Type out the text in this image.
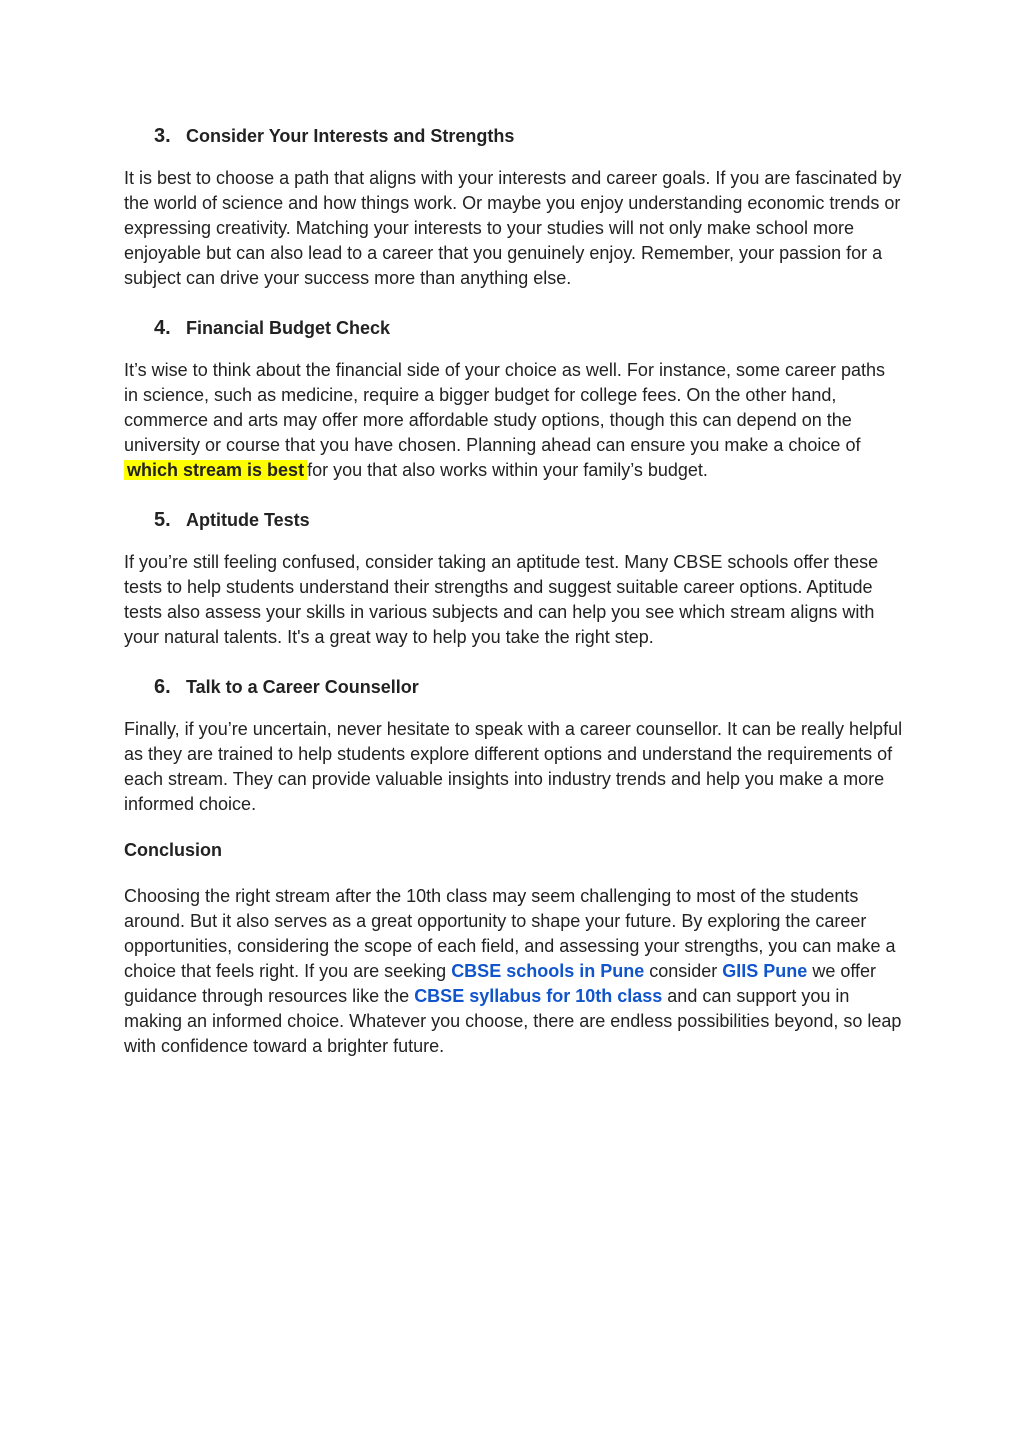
3. Consider Your Interests and Strengths

It is best to choose a path that aligns with your interests and career goals. If you are fascinated by the world of science and how things work. Or maybe you enjoy understanding economic trends or expressing creativity. Matching your interests to your studies will not only make school more enjoyable but can also lead to a career that you genuinely enjoy. Remember, your passion for a subject can drive your success more than anything else.

4. Financial Budget Check

It’s wise to think about the financial side of your choice as well. For instance, some career paths in science, such as medicine, require a bigger budget for college fees. On the other hand, commerce and arts may offer more affordable study options, though this can depend on the university or course that you have chosen. Planning ahead can ensure you make a choice of which stream is best for you that also works within your family’s budget.

5. Aptitude Tests

If you’re still feeling confused, consider taking an aptitude test. Many CBSE schools offer these tests to help students understand their strengths and suggest suitable career options. Aptitude tests also assess your skills in various subjects and can help you see which stream aligns with your natural talents. It's a great way to help you take the right step.

6. Talk to a Career Counsellor

Finally, if you’re uncertain, never hesitate to speak with a career counsellor. It can be really helpful as they are trained to help students explore different options and understand the requirements of each stream. They can provide valuable insights into industry trends and help you make a more informed choice.

Conclusion

Choosing the right stream after the 10th class may seem challenging to most of the students around. But it also serves as a great opportunity to shape your future. By exploring the career opportunities, considering the scope of each field, and assessing your strengths, you can make a choice that feels right. If you are seeking CBSE schools in Pune consider GIIS Pune we offer guidance through resources like the CBSE syllabus for 10th class and can support you in making an informed choice. Whatever you choose, there are endless possibilities beyond, so leap with confidence toward a brighter future.
